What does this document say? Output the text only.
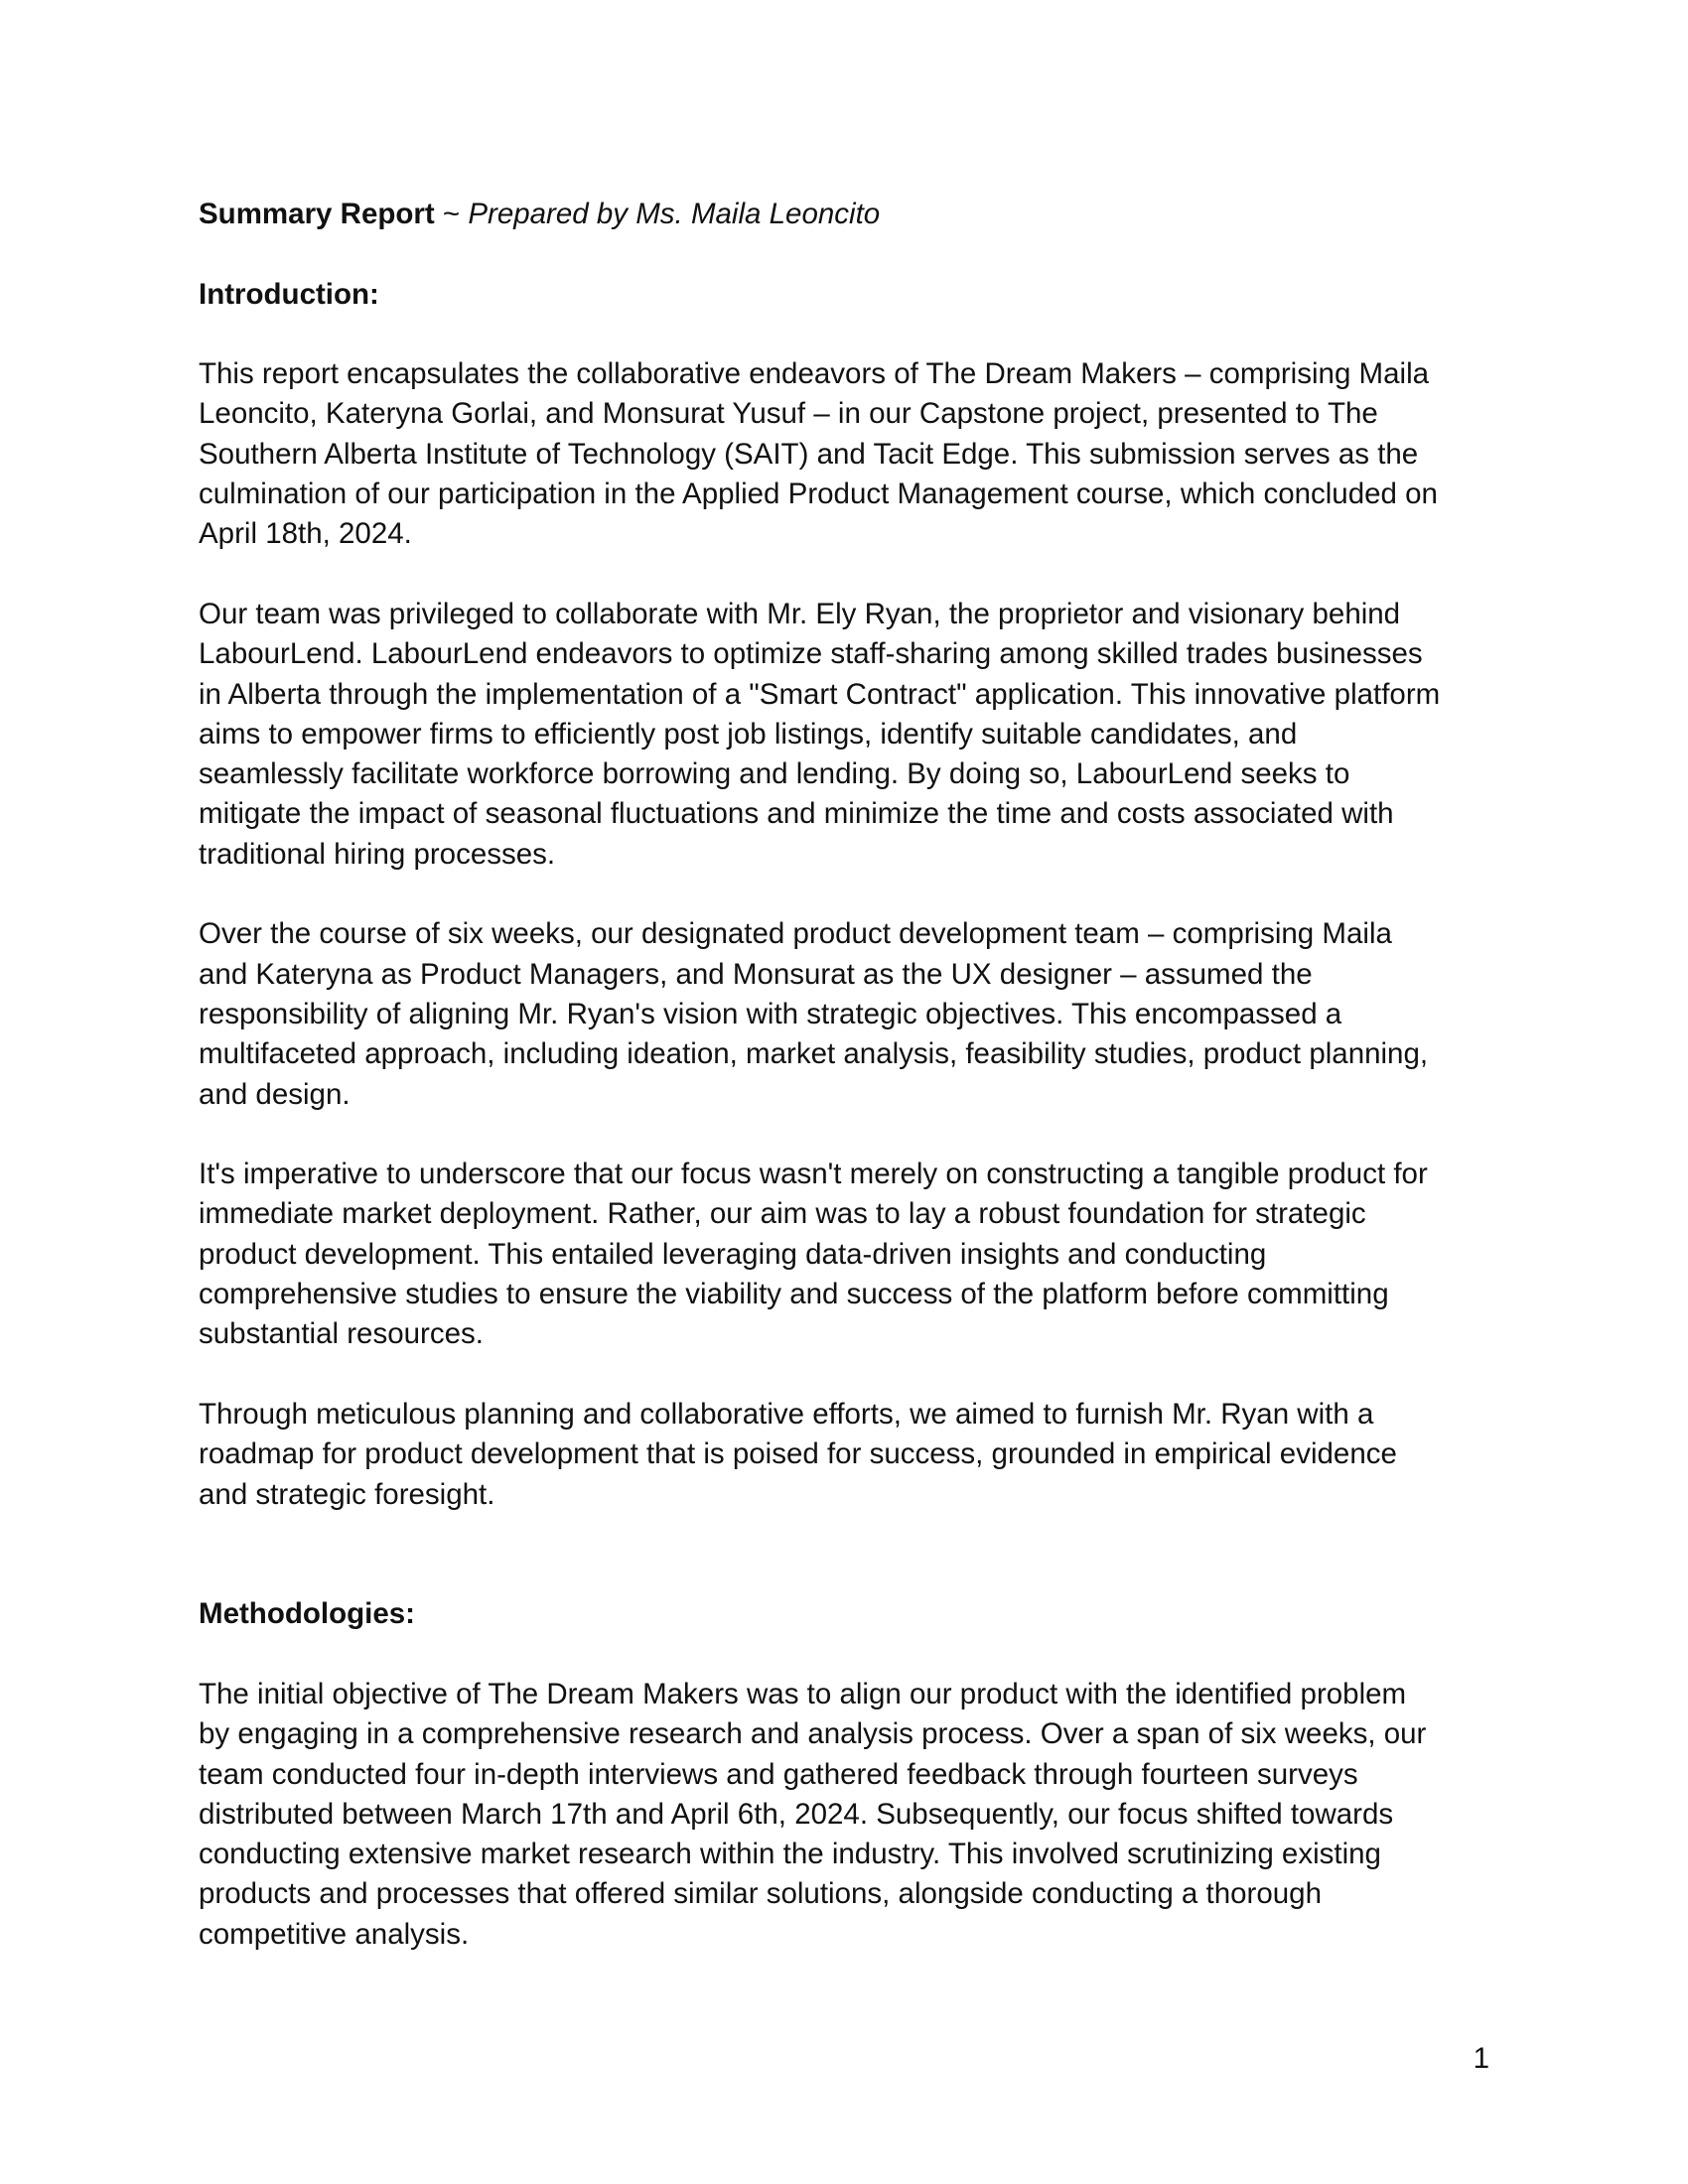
Summary Report ~ Prepared by Ms. Maila Leoncito

Introduction:

This report encapsulates the collaborative endeavors of The Dream Makers – comprising Maila
Leoncito, Kateryna Gorlai, and Monsurat Yusuf – in our Capstone project, presented to The
Southern Alberta Institute of Technology (SAIT) and Tacit Edge. This submission serves as the
culmination of our participation in the Applied Product Management course, which concluded on
April 18th, 2024.

Our team was privileged to collaborate with Mr. Ely Ryan, the proprietor and visionary behind
LabourLend. LabourLend endeavors to optimize staff-sharing among skilled trades businesses
in Alberta through the implementation of a "Smart Contract" application. This innovative platform
aims to empower firms to efficiently post job listings, identify suitable candidates, and
seamlessly facilitate workforce borrowing and lending. By doing so, LabourLend seeks to
mitigate the impact of seasonal fluctuations and minimize the time and costs associated with
traditional hiring processes.

Over the course of six weeks, our designated product development team – comprising Maila
and Kateryna as Product Managers, and Monsurat as the UX designer – assumed the
responsibility of aligning Mr. Ryan's vision with strategic objectives. This encompassed a
multifaceted approach, including ideation, market analysis, feasibility studies, product planning,
and design.

It's imperative to underscore that our focus wasn't merely on constructing a tangible product for
immediate market deployment. Rather, our aim was to lay a robust foundation for strategic
product development. This entailed leveraging data-driven insights and conducting
comprehensive studies to ensure the viability and success of the platform before committing
substantial resources.

Through meticulous planning and collaborative efforts, we aimed to furnish Mr. Ryan with a
roadmap for product development that is poised for success, grounded in empirical evidence
and strategic foresight.

Methodologies:

The initial objective of The Dream Makers was to align our product with the identified problem
by engaging in a comprehensive research and analysis process. Over a span of six weeks, our
team conducted four in-depth interviews and gathered feedback through fourteen surveys
distributed between March 17th and April 6th, 2024. Subsequently, our focus shifted towards
conducting extensive market research within the industry. This involved scrutinizing existing
products and processes that offered similar solutions, alongside conducting a thorough
competitive analysis.

1
